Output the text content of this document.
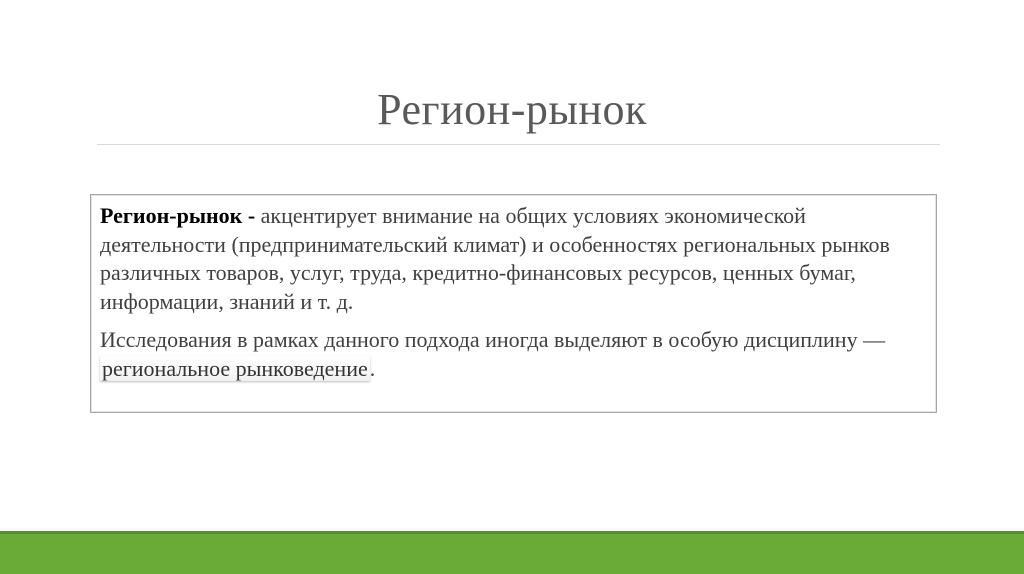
Регион-рынок

Регион-рынок - акцентирует внимание на общих условиях экономической деятельности (предпринимательский климат) и особенностях региональных рынков различных товаров, услуг, труда, кредитно-финансовых ресурсов, ценных бумаг, информации, знаний и т. д.

Исследования в рамках данного подхода иногда выделяют в особую дисциплину — региональное рынковедение.
